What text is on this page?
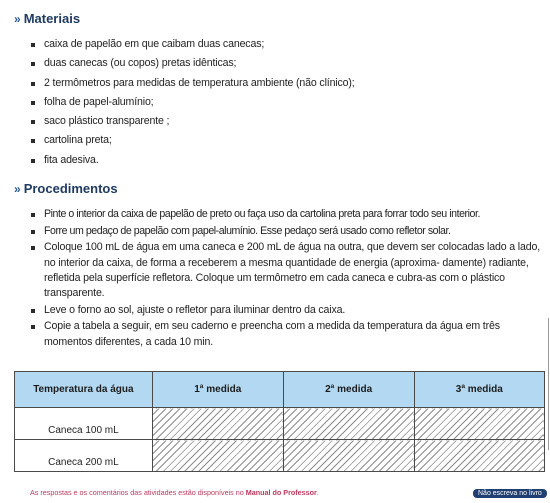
» Materiais
caixa de papelão em que caibam duas canecas;
duas canecas (ou copos) pretas idênticas;
2 termômetros para medidas de temperatura ambiente (não clínico);
folha de papel-alumínio;
saco plástico transparente ;
cartolina preta;
fita adesiva.
» Procedimentos
Pinte o interior da caixa de papelão de preto ou faça uso da cartolina preta para forrar todo seu interior.
Forre um pedaço de papelão com papel-alumínio. Esse pedaço será usado como refletor solar.
Coloque 100 mL de água em uma caneca e 200 mL de água na outra, que devem ser colocadas lado a lado, no interior da caixa, de forma a receberem a mesma quantidade de energia (aproxima- damente) radiante, refletida pela superfície refletora. Coloque um termômetro em cada caneca e cubra-as com o plástico transparente.
Leve o forno ao sol, ajuste o refletor para iluminar dentro da caixa.
Copie a tabela a seguir, em seu caderno e preencha com a medida da temperatura da água em três momentos diferentes, a cada 10 min.
Temperatura da água	1ª medida	2ª medida	3ª medida
Caneca 100 mL			
Caneca 200 mL			
As respostas e os comentários das atividades estão disponíveis no Manual do Professor.	Não escreva no livro
